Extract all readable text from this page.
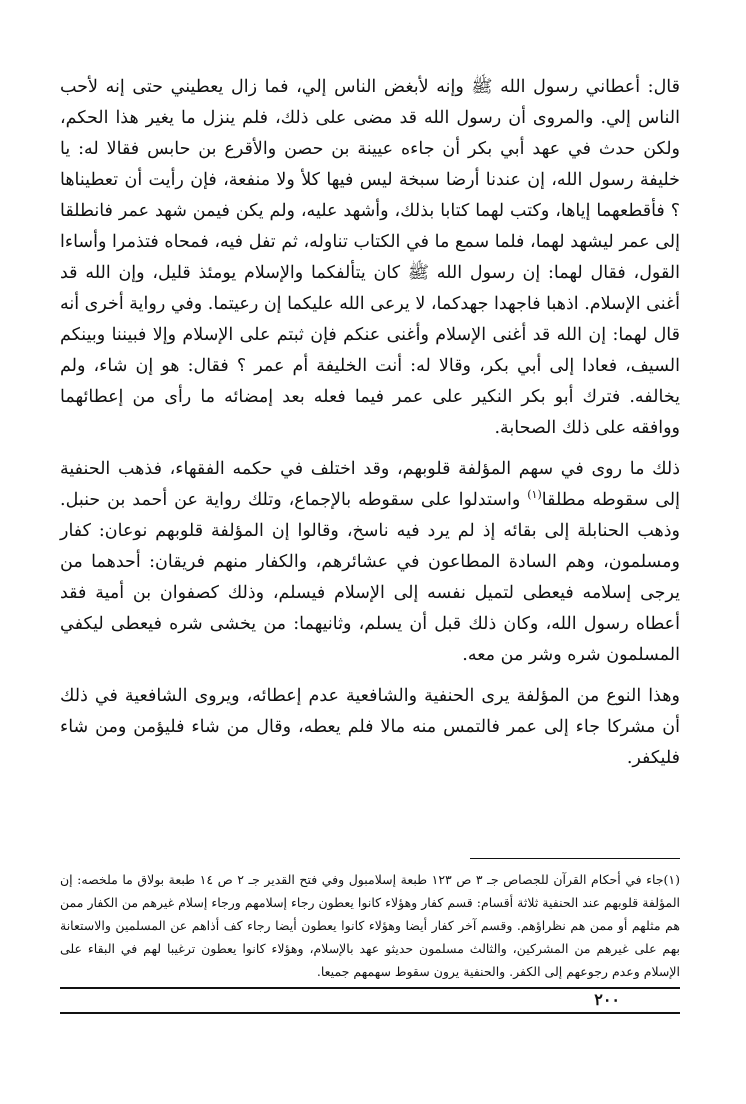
قال: أعطاني رسول الله ﷺ وإنه لأبغض الناس إلي، فما زال يعطيني حتى إنه لأحب الناس إلي. والمروى أن رسول الله قد مضى على ذلك، فلم ينزل ما يغير هذا الحكم، ولكن حدث في عهد أبي بكر أن جاءه عيينة بن حصن والأقرع بن حابس فقالا له: يا خليفة رسول الله، إن عندنا أرضا سبخة ليس فيها كلأ ولا منفعة، فإن رأيت أن تعطيناها ؟ فأقطعهما إياها، وكتب لهما كتابا بذلك، وأشهد عليه، ولم يكن فيمن شهد عمر فانطلقا إلى عمر ليشهد لهما، فلما سمع ما في الكتاب تناوله، ثم تفل فيه، فمحاه فتذمرا وأساءا القول، فقال لهما: إن رسول الله ﷺ كان يتألفكما والإسلام يومئذ قليل، وإن الله قد أغنى الإسلام. اذهبا فاجهدا جهدكما، لا يرعى الله عليكما إن رعيتما. وفي رواية أخرى أنه قال لهما: إن الله قد أغنى الإسلام وأغنى عنكم فإن ثبتم على الإسلام وإلا فبيننا وبينكم السيف، فعادا إلى أبي بكر، وقالا له: أنت الخليفة أم عمر ؟ فقال: هو إن شاء، ولم يخالفه. فترك أبو بكر النكير على عمر فيما فعله بعد إمضائه ما رأى من إعطائهما ووافقه على ذلك الصحابة.

ذلك ما روى في سهم المؤلفة قلوبهم، وقد اختلف في حكمه الفقهاء، فذهب الحنفية إلى سقوطه مطلقا$^{(١)}$ واستدلوا على سقوطه بالإجماع، وتلك رواية عن أحمد بن حنبل. وذهب الحنابلة إلى بقائه إذ لم يرد فيه ناسخ، وقالوا إن المؤلفة قلوبهم نوعان: كفار ومسلمون، وهم السادة المطاعون في عشائرهم، والكفار منهم فريقان: أحدهما من يرجى إسلامه فيعطى لتميل نفسه إلى الإسلام فيسلم، وذلك كصفوان بن أمية فقد أعطاه رسول الله، وكان ذلك قبل أن يسلم، وثانيهما: من يخشى شره فيعطى ليكفي المسلمون شره وشر من معه.

وهذا النوع من المؤلفة يرى الحنفية والشافعية عدم إعطائه، ويروى الشافعية في ذلك أن مشركا جاء إلى عمر فالتمس منه مالا فلم يعطه، وقال من شاء فليؤمن ومن شاء فليكفر.

(١)جاء في أحكام القرآن للجصاص جـ ٣ ص ١٢٣ طبعة إسلامبول وفي فتح القدير جـ ٢ ص ١٤ طبعة بولاق ما ملخصه: إن المؤلفة قلوبهم عند الحنفية ثلاثة أقسام: قسم كفار وهؤلاء كانوا يعطون رجاء إسلامهم ورجاء إسلام غيرهم من الكفار ممن هم مثلهم أو ممن هم نظراؤهم. وقسم آخر كفار أيضا وهؤلاء كانوا يعطون أيضا رجاء كف أذاهم عن المسلمين والاستعانة بهم على غيرهم من المشركين، والثالث مسلمون حديثو عهد بالإسلام، وهؤلاء كانوا يعطون ترغيبا لهم في البقاء على الإسلام وعدم رجوعهم إلى الكفر. والحنفية يرون سقوط سهمهم جميعا.

٢٠٠
